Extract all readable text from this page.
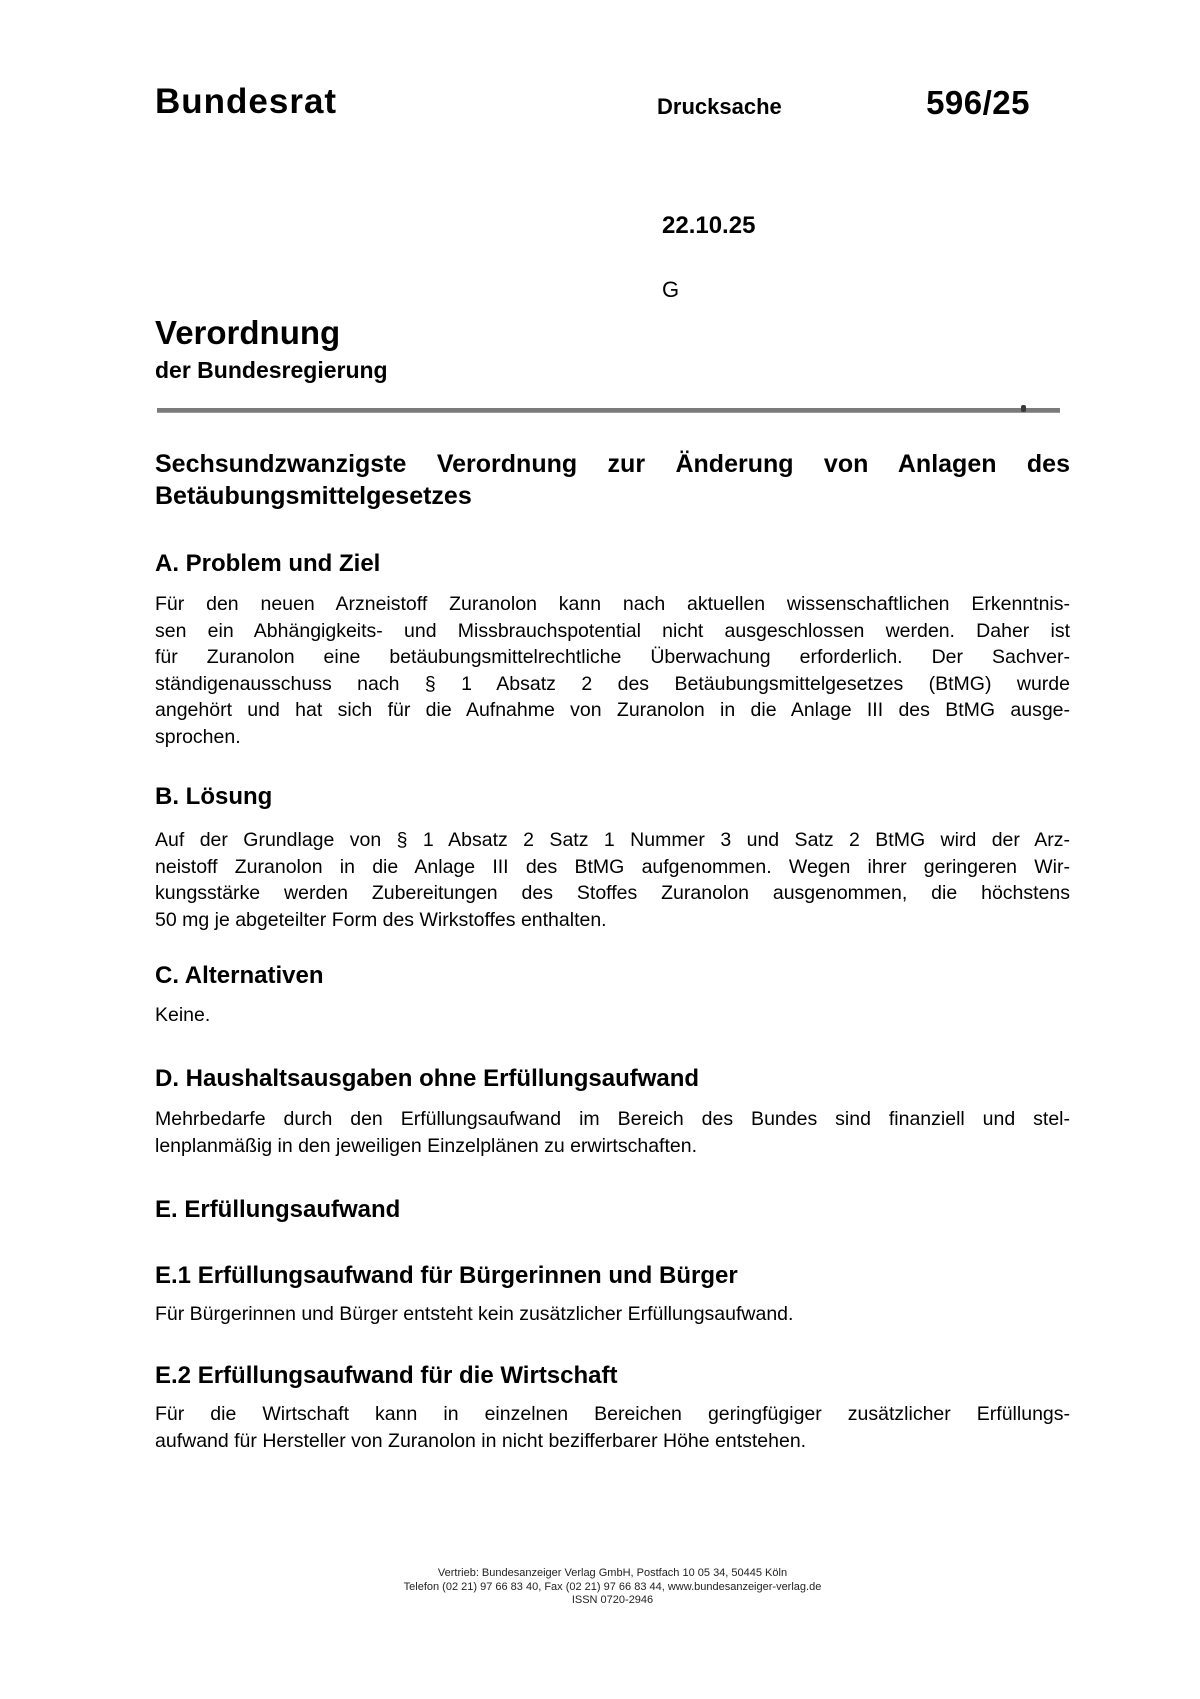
Bundesrat	Drucksache	596/25
22.10.25
G
Verordnung
der Bundesregierung
Sechsundzwanzigste Verordnung zur Änderung von Anlagen des
Betäubungsmittelgesetzes
A. Problem und Ziel
Für den neuen Arzneistoff Zuranolon kann nach aktuellen wissenschaftlichen Erkenntnis-
sen ein Abhängigkeits- und Missbrauchspotential nicht ausgeschlossen werden. Daher ist
für Zuranolon eine betäubungsmittelrechtliche Überwachung erforderlich. Der Sachver-
ständigenausschuss nach § 1 Absatz 2 des Betäubungsmittelgesetzes (BtMG) wurde
angehört und hat sich für die Aufnahme von Zuranolon in die Anlage III des BtMG ausge-
sprochen.
B. Lösung
Auf der Grundlage von § 1 Absatz 2 Satz 1 Nummer 3 und Satz 2 BtMG wird der Arz-
neistoff Zuranolon in die Anlage III des BtMG aufgenommen. Wegen ihrer geringeren Wir-
kungsstärke werden Zubereitungen des Stoffes Zuranolon ausgenommen, die höchstens
50 mg je abgeteilter Form des Wirkstoffes enthalten.
C. Alternativen
Keine.
D. Haushaltsausgaben ohne Erfüllungsaufwand
Mehrbedarfe durch den Erfüllungsaufwand im Bereich des Bundes sind finanziell und stel-
lenplanmäßig in den jeweiligen Einzelplänen zu erwirtschaften.
E. Erfüllungsaufwand
E.1 Erfüllungsaufwand für Bürgerinnen und Bürger
Für Bürgerinnen und Bürger entsteht kein zusätzlicher Erfüllungsaufwand.
E.2 Erfüllungsaufwand für die Wirtschaft
Für die Wirtschaft kann in einzelnen Bereichen geringfügiger zusätzlicher Erfüllungs-
aufwand für Hersteller von Zuranolon in nicht bezifferbarer Höhe entstehen.
Vertrieb: Bundesanzeiger Verlag GmbH, Postfach 10 05 34, 50445 Köln
Telefon (02 21) 97 66 83 40, Fax (02 21) 97 66 83 44, www.bundesanzeiger-verlag.de
ISSN 0720-2946
